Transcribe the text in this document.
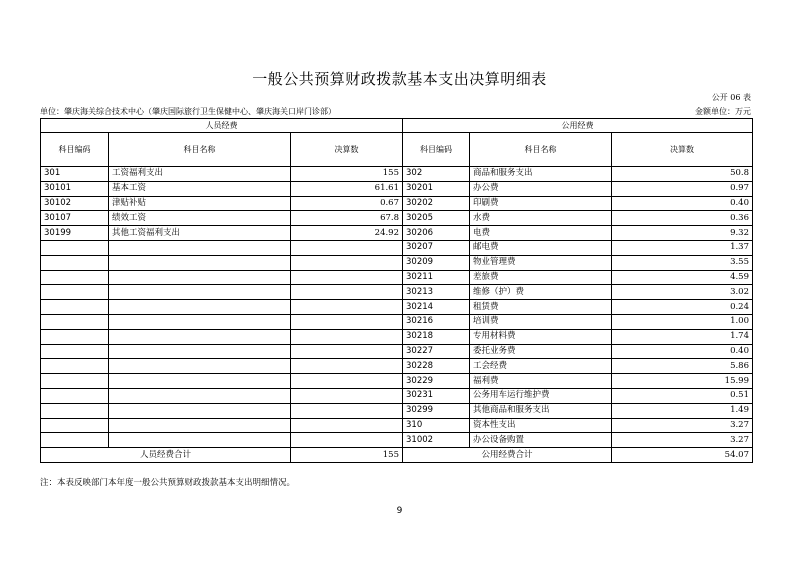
一般公共预算财政拨款基本支出决算明细表
公开 06 表
单位：肇庆海关综合技术中心（肇庆国际旅行卫生保健中心、肇庆海关口岸门诊部）	金额单位：万元
人员经费			公用经费		
科目编码	科目名称	决算数	科目编码	科目名称	决算数
301	工资福利支出	155	302	商品和服务支出	50.8
30101	基本工资	61.61	30201	办公费	0.97
30102	津贴补贴	0.67	30202	印刷费	0.40
30107	绩效工资	67.8	30205	水费	0.36
30199	其他工资福利支出	24.92	30206	电费	9.32
			30207	邮电费	1.37
			30209	物业管理费	3.55
			30211	差旅费	4.59
			30213	维修（护）费	3.02
			30214	租赁费	0.24
			30216	培训费	1.00
			30218	专用材料费	1.74
			30227	委托业务费	0.40
			30228	工会经费	5.86
			30229	福利费	15.99
			30231	公务用车运行维护费	0.51
			30299	其他商品和服务支出	1.49
			310	资本性支出	3.27
			31002	办公设备购置	3.27
人员经费合计		155	公用经费合计		54.07
注：本表反映部门本年度一般公共预算财政拨款基本支出明细情况。
9
